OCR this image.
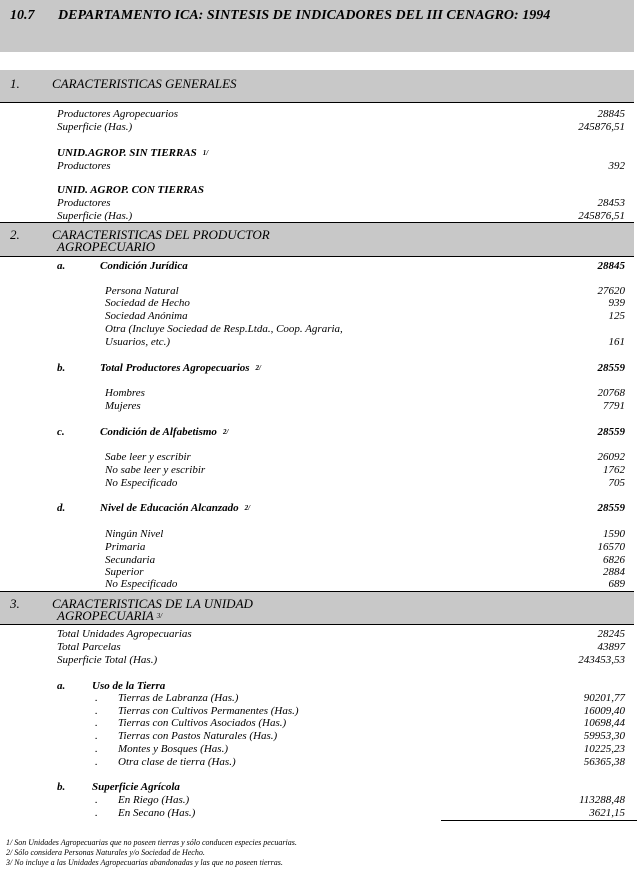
10.7 DEPARTAMENTO ICA: SINTESIS DE INDICADORES DEL III CENAGRO: 1994
1. CARACTERISTICAS GENERALES
Productores Agropecuarios	28845
Superficie (Has.)	245876,51
UNID.AGROP. SIN TIERRAS $^{1/}$
Productores	392
UNID. AGROP. CON TIERRAS
Productores	28453
Superficie (Has.)	245876,51
2. CARACTERISTICAS DEL PRODUCTOR
AGROPECUARIO
a.	Condición Jurídica	28845
Persona Natural	27620
Sociedad de Hecho	939
Sociedad Anónima	125
Otra (Incluye Sociedad de Resp.Ltda., Coop. Agraria,
Usuarios, etc.)	161
b.	Total Productores Agropecuarios $^{2/}$	28559
Hombres	20768
Mujeres	7791
c.	Condición de Alfabetismo $^{2/}$	28559
Sabe leer y escribir	26092
No sabe leer y escribir	1762
No Especificado	705
d.	Nivel de Educación Alcanzado $^{2/}$	28559
Ningún Nivel	1590
Primaria	16570
Secundaria	6826
Superior	2884
No Especificado	689
3. CARACTERISTICAS DE LA UNIDAD
AGROPECUARIA $^{3/}$
Total Unidades Agropecuarias	28245
Total Parcelas	43897
Superficie Total (Has.)	243453,53
a. Uso de la Tierra
. Tierras de Labranza (Has.)	90201,77
. Tierras con Cultivos Permanentes (Has.)	16009,40
. Tierras con Cultivos Asociados (Has.)	10698,44
. Tierras con Pastos Naturales (Has.)	59953,30
. Montes y Bosques (Has.)	10225,23
. Otra clase de tierra (Has.)	56365,38
b. Superficie Agrícola
. En Riego (Has.)	113288,48
. En Secano (Has.)	3621,15
1/ Son Unidades Agropecuarias que no poseen tierras y sólo conducen especies pecuarias.
2/ Sólo considera Personas Naturales y/o Sociedad de Hecho.
3/ No incluye a las Unidades Agropecuarias abandonadas y las que no poseen tierras.
